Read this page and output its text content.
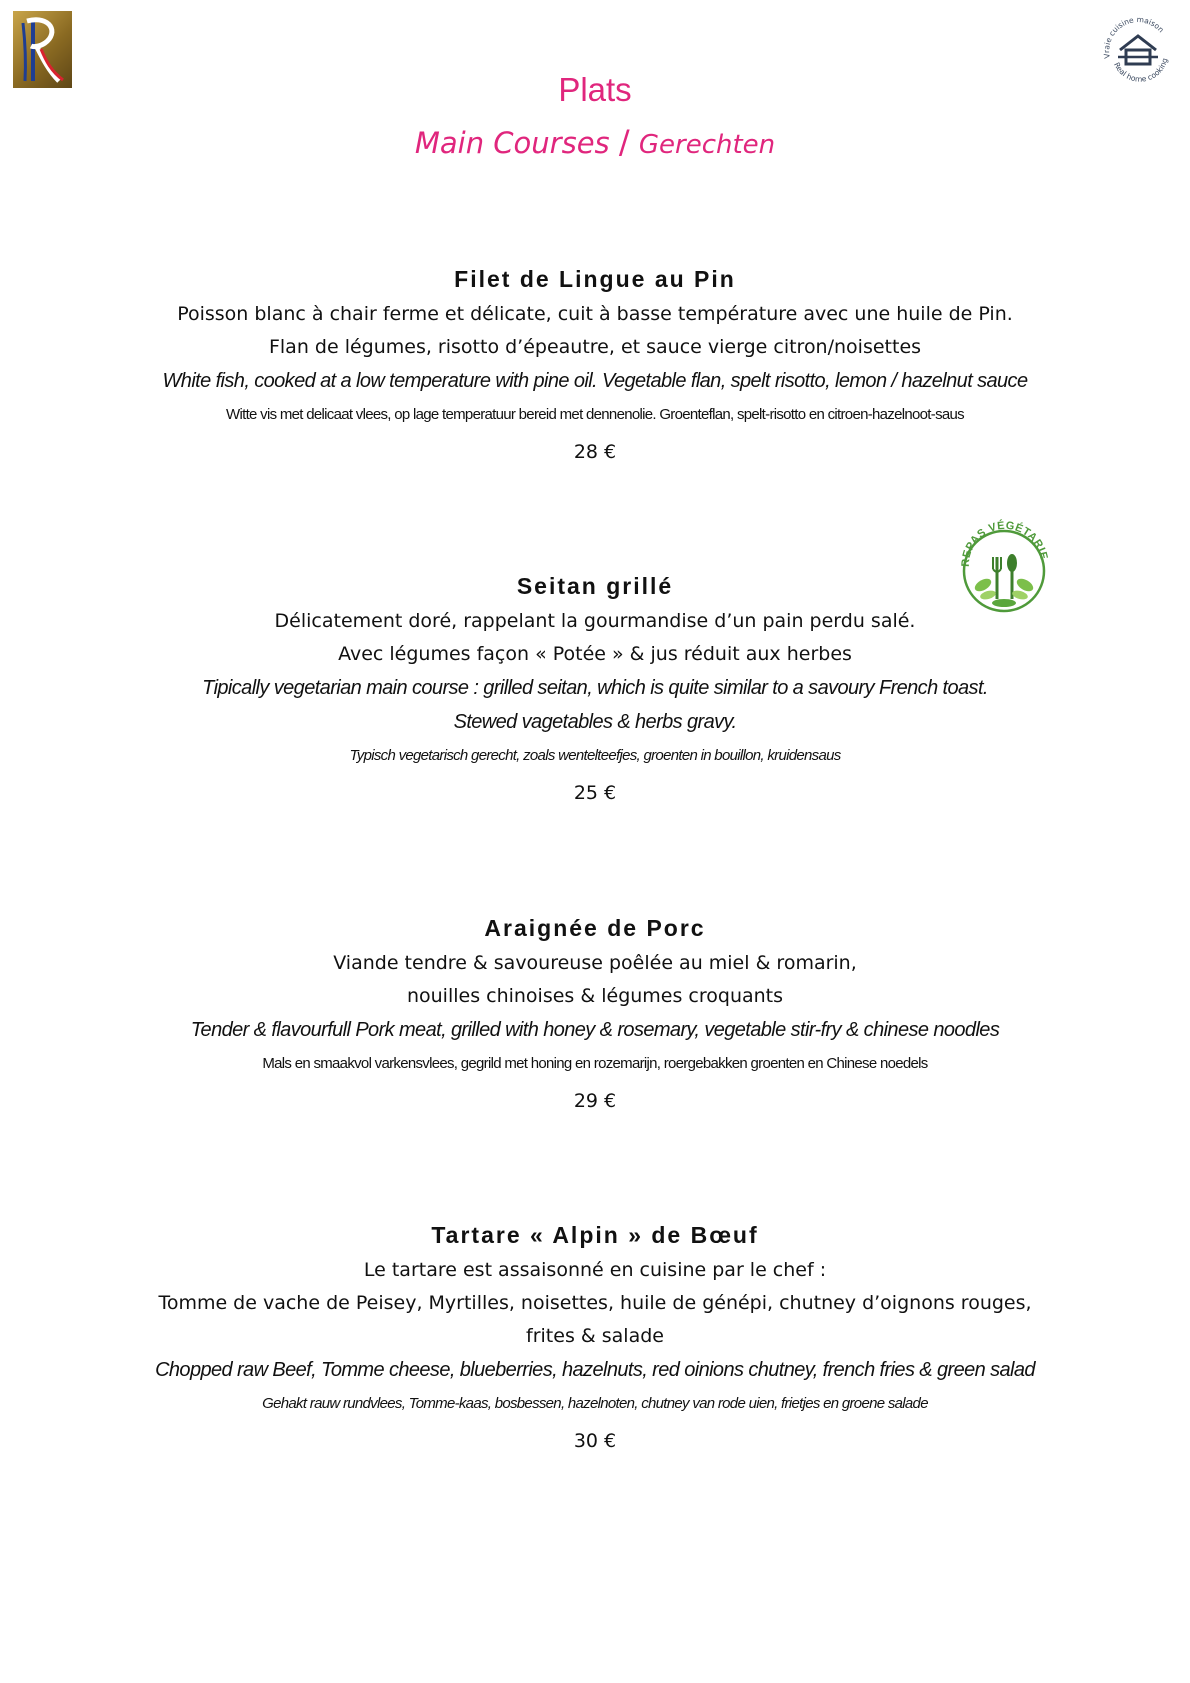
Vraie cuisine maison
Real home cooking
Plats
Main Courses / Gerechten
REPAS VÉGÉTARIE
Filet de Lingue au Pin
Poisson blanc à chair ferme et délicate, cuit à basse température avec une huile de Pin.
Flan de légumes, risotto d’épeautre, et sauce vierge citron/noisettes
White fish, cooked at a low temperature with pine oil. Vegetable flan, spelt risotto, lemon / hazelnut sauce
Witte vis met delicaat vlees, op lage temperatuur bereid met dennenolie. Groenteflan, spelt-risotto en citroen-hazelnoot-saus
28 €
Seitan grillé
Délicatement doré, rappelant la gourmandise d’un pain perdu salé.
Avec légumes façon « Potée » & jus réduit aux herbes
Tipically vegetarian main course : grilled seitan, which is quite similar to a savoury French toast.
Stewed vagetables & herbs gravy.
Typisch vegetarisch gerecht, zoals wentelteefjes, groenten in bouillon, kruidensaus
25 €
Araignée de Porc
Viande tendre & savoureuse poêlée au miel & romarin,
nouilles chinoises & légumes croquants
Tender & flavourfull Pork meat, grilled with honey & rosemary, vegetable stir-fry & chinese noodles
Mals en smaakvol varkensvlees, gegrild met honing en rozemarijn, roergebakken groenten en Chinese noedels
29 €
Tartare « Alpin » de Bœuf
Le tartare est assaisonné en cuisine par le chef :
Tomme de vache de Peisey, Myrtilles, noisettes, huile de génépi, chutney d’oignons rouges,
frites & salade
Chopped raw Beef, Tomme cheese, blueberries, hazelnuts, red oinions chutney, french fries & green salad
Gehakt rauw rundvlees, Tomme-kaas, bosbessen, hazelnoten, chutney van rode uien, frietjes en groene salade
30 €
